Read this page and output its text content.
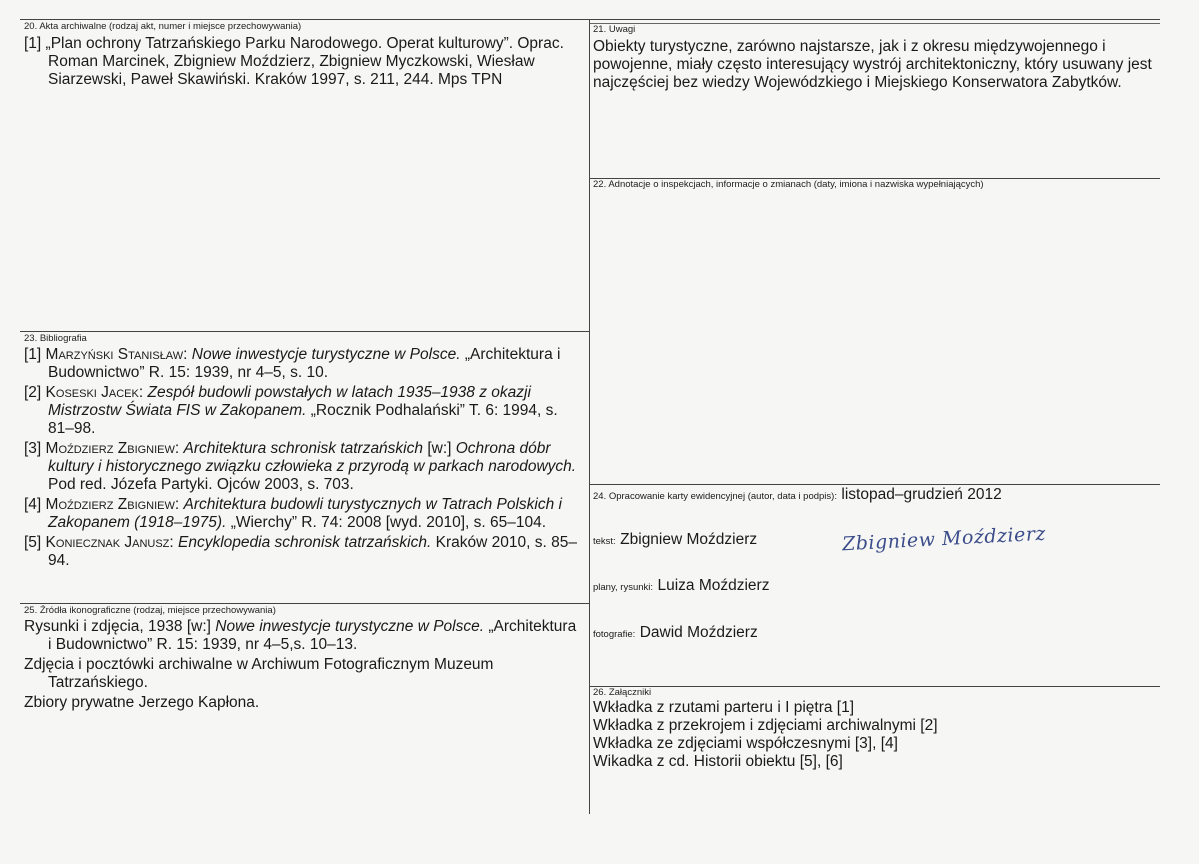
20. Akta archiwalne (rodzaj akt, numer i miejsce przechowywania)

[1] „Plan ochrony Tatrzańskiego Parku Narodowego. Operat kulturowy”. Oprac. Roman Marcinek, Zbigniew Moździerz, Zbigniew Myczkowski, Wiesław Siarzewski, Paweł Skawiński. Kraków 1997, s. 211, 244. Mps TPN

21. Uwagi

Obiekty turystyczne, zarówno najstarsze, jak i z okresu międzywojennego i powojenne, miały często interesujący wystrój architektoniczny, który usuwany jest najczęściej bez wiedzy Wojewódzkiego i Miejskiego Konserwatora Zabytków.

22. Adnotacje o inspekcjach, informacje o zmianach (daty, imiona i nazwiska wypełniających)
23. Bibliografia

[1] Marzyński Stanisław: Nowe inwestycje turystyczne w Polsce. „Architektura i Budownictwo” R. 15: 1939, nr 4–5, s. 10.

[2] Koseski Jacek: Zespół budowli powstałych w latach 1935–1938 z okazji Mistrzostw Świata FIS w Zakopanem. „Rocznik Podhalański” T. 6: 1994, s. 81–98.

[3] Moździerz Zbigniew: Architektura schronisk tatrzańskich [w:] Ochrona dóbr kultury i historycznego związku człowieka z przyrodą w parkach narodowych. Pod red. Józefa Partyki. Ojców 2003, s. 703.

[4] Moździerz Zbigniew: Architektura budowli turystycznych w Tatrach Polskich i Zakopanem (1918–1975). „Wierchy” R. 74: 2008 [wyd. 2010], s. 65–104.

[5] Koniecznak Janusz: Encyklopedia schronisk tatrzańskich. Kraków 2010, s. 85–94.

25. Źródła ikonograficzne (rodzaj, miejsce przechowywania)

Rysunki i zdjęcia, 1938 [w:] Nowe inwestycje turystyczne w Polsce. „Architektura i Budownictwo” R. 15: 1939, nr 4–5,s. 10–13.

Zdjęcia i pocztówki archiwalne w Archiwum Fotograficznym Muzeum Tatrzańskiego.

Zbiory prywatne Jerzego Kapłona.

24. Opracowanie karty ewidencyjnej (autor, data i podpis): listopad–grudzień 2012
tekst: Zbigniew Moździerz	Zbigniew Moździerz
plany, rysunki: Luiza Moździerz
fotografie: Dawid Moździerz
26. Załączniki

Wkładka z rzutami parteru i I piętra [1]

Wkładka z przekrojem i zdjęciami archiwalnymi [2]

Wkładka ze zdjęciami współczesnymi [3], [4]

Wikadka z cd. Historii obiektu [5], [6]
